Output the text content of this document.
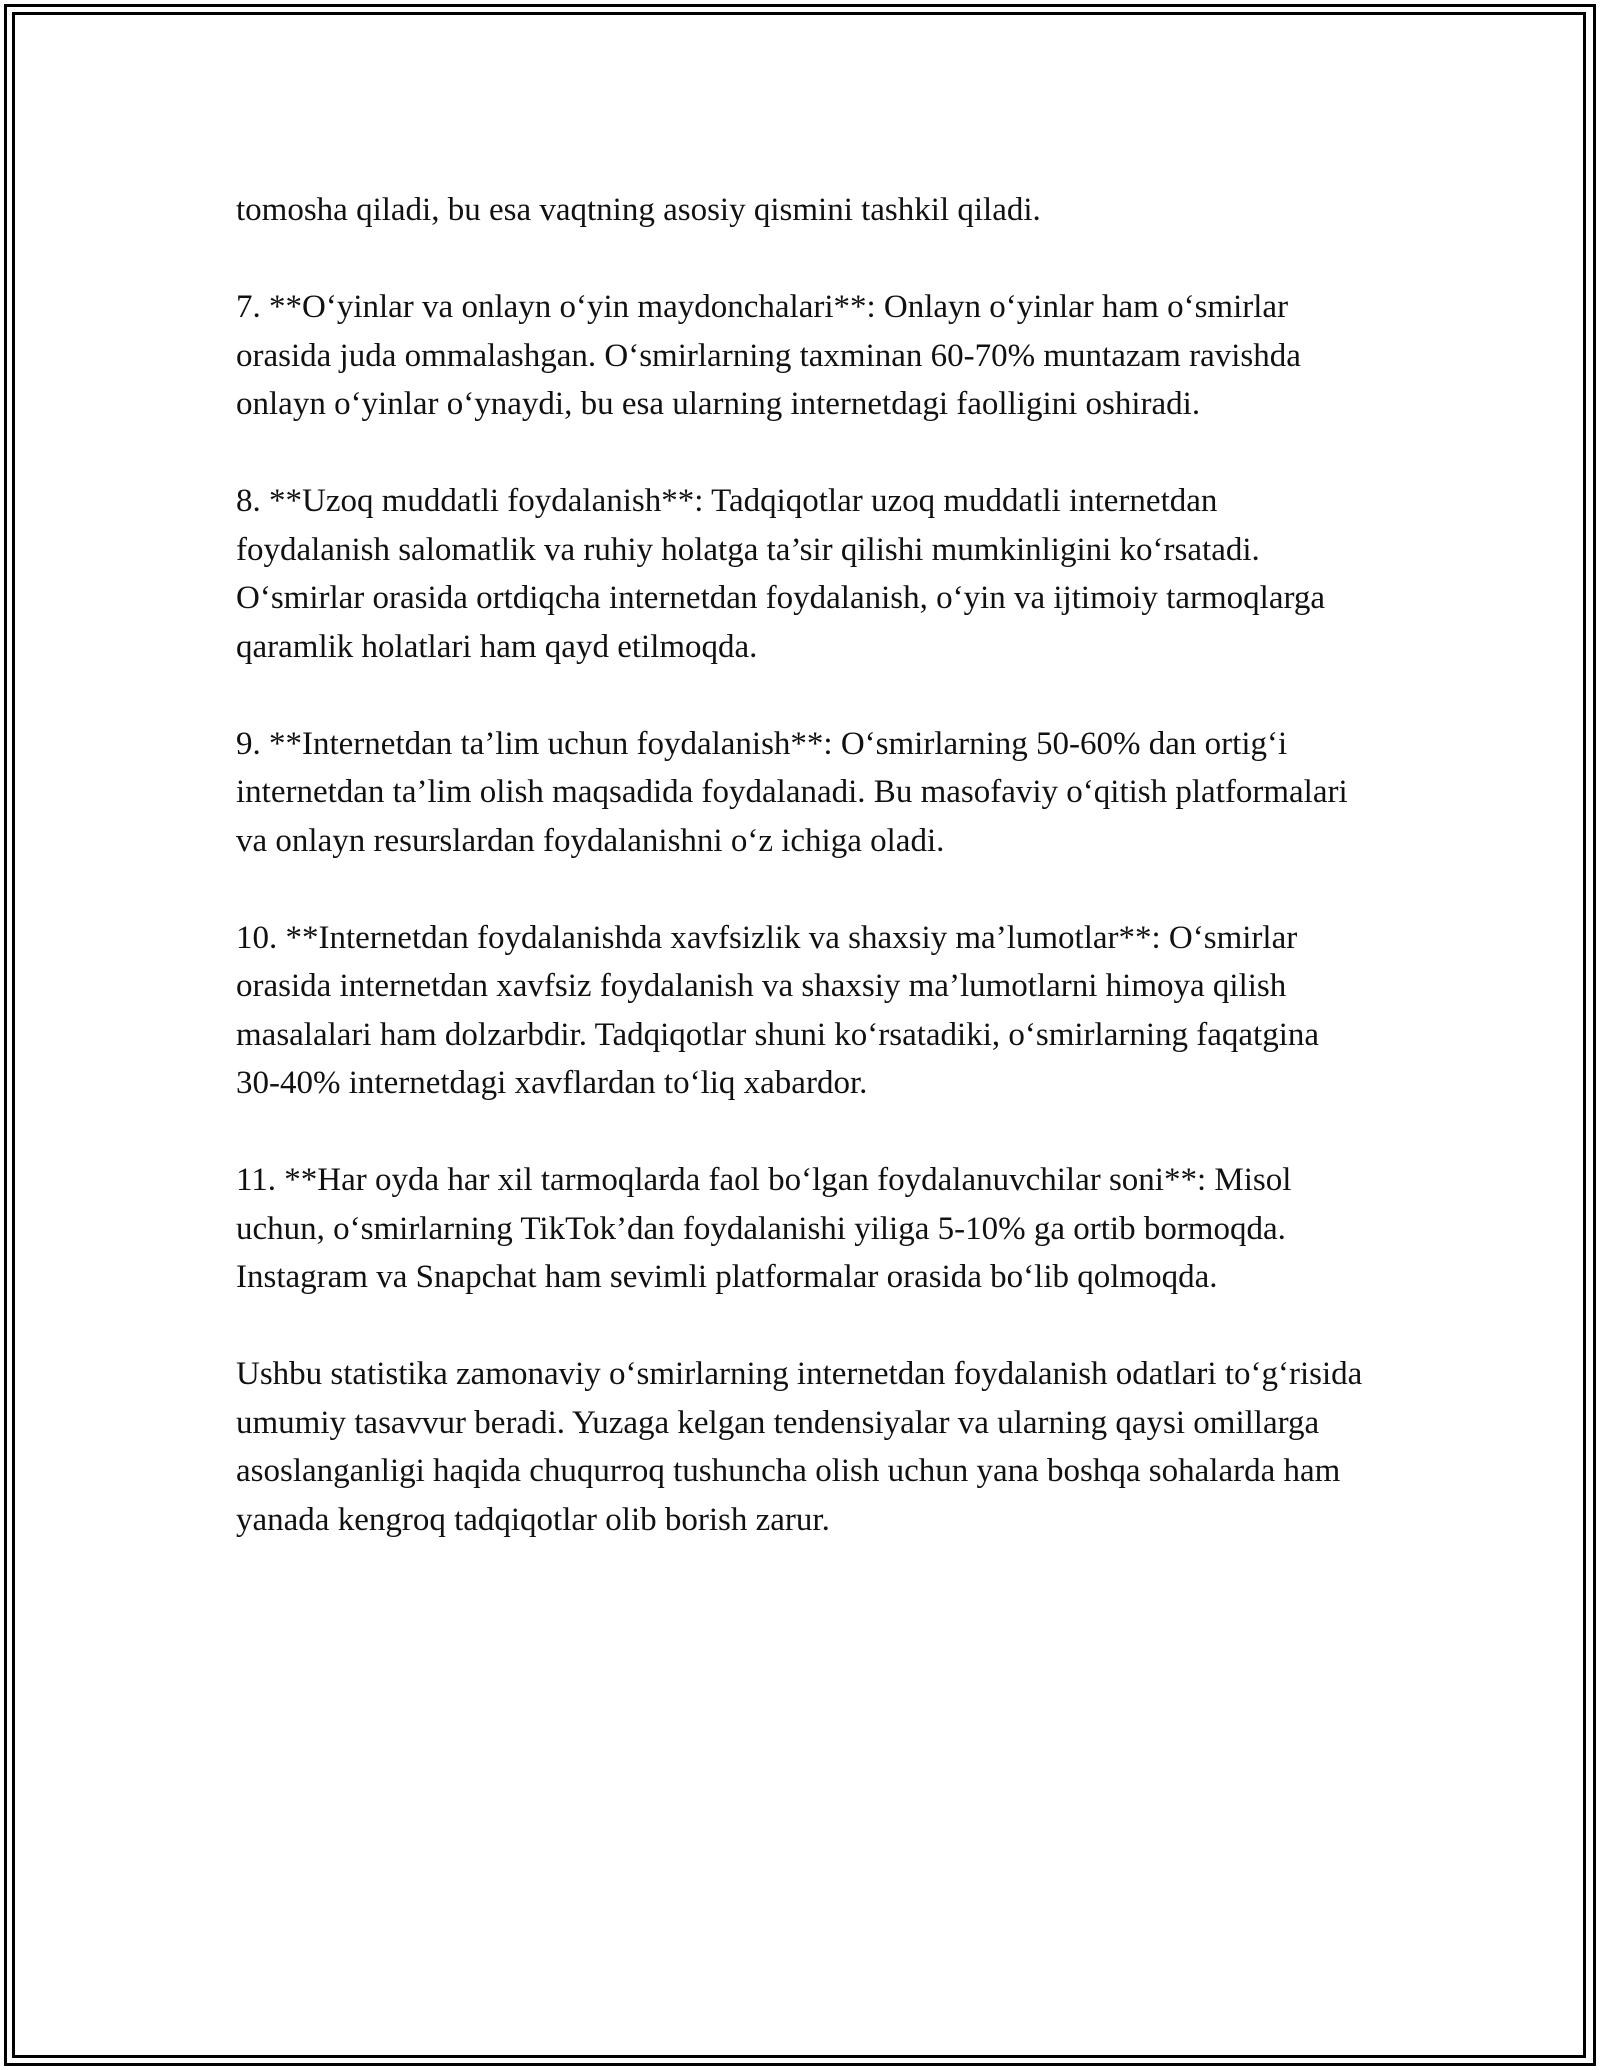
tomosha qiladi, bu esa vaqtning asosiy qismini tashkil qiladi.

7. **O‘yinlar va onlayn o‘yin maydonchalari**: Onlayn o‘yinlar ham o‘smirlar orasida juda ommalashgan. O‘smirlarning taxminan 60-70% muntazam ravishda onlayn o‘yinlar o‘ynaydi, bu esa ularning internetdagi faolligini oshiradi.

8. **Uzoq muddatli foydalanish**: Tadqiqotlar uzoq muddatli internetdan foydalanish salomatlik va ruhiy holatga ta’sir qilishi mumkinligini ko‘rsatadi. O‘smirlar orasida ortdiqcha internetdan foydalanish, o‘yin va ijtimoiy tarmoqlarga qaramlik holatlari ham qayd etilmoqda.

9. **Internetdan ta’lim uchun foydalanish**: O‘smirlarning 50-60% dan ortig‘i internetdan ta’lim olish maqsadida foydalanadi. Bu masofaviy o‘qitish platformalari va onlayn resurslardan foydalanishni o‘z ichiga oladi.

10. **Internetdan foydalanishda xavfsizlik va shaxsiy ma’lumotlar**: O‘smirlar orasida internetdan xavfsiz foydalanish va shaxsiy ma’lumotlarni himoya qilish masalalari ham dolzarbdir. Tadqiqotlar shuni ko‘rsatadiki, o‘smirlarning faqatgina 30-40% internetdagi xavflardan to‘liq xabardor.

11. **Har oyda har xil tarmoqlarda faol bo‘lgan foydalanuvchilar soni**: Misol uchun, o‘smirlarning TikTok’dan foydalanishi yiliga 5-10% ga ortib bormoqda. Instagram va Snapchat ham sevimli platformalar orasida bo‘lib qolmoqda.

Ushbu statistika zamonaviy o‘smirlarning internetdan foydalanish odatlari to‘g‘risida umumiy tasavvur beradi. Yuzaga kelgan tendensiyalar va ularning qaysi omillarga asoslanganligi haqida chuqurroq tushuncha olish uchun yana boshqa sohalarda ham yanada kengroq tadqiqotlar olib borish zarur.
